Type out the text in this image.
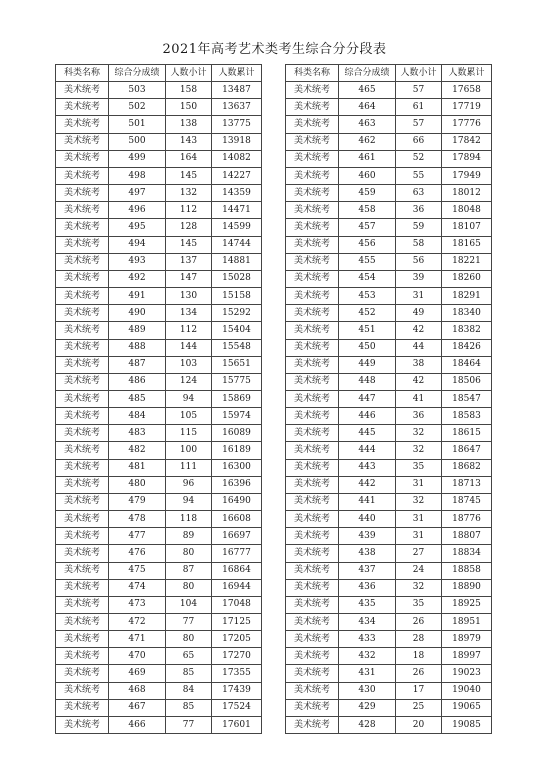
2021年高考艺术类考生综合分分段表
科类名称	综合分成绩	人数小计	人数累计
美术统考	503	158	13487
美术统考	502	150	13637
美术统考	501	138	13775
美术统考	500	143	13918
美术统考	499	164	14082
美术统考	498	145	14227
美术统考	497	132	14359
美术统考	496	112	14471
美术统考	495	128	14599
美术统考	494	145	14744
美术统考	493	137	14881
美术统考	492	147	15028
美术统考	491	130	15158
美术统考	490	134	15292
美术统考	489	112	15404
美术统考	488	144	15548
美术统考	487	103	15651
美术统考	486	124	15775
美术统考	485	94	15869
美术统考	484	105	15974
美术统考	483	115	16089
美术统考	482	100	16189
美术统考	481	111	16300
美术统考	480	96	16396
美术统考	479	94	16490
美术统考	478	118	16608
美术统考	477	89	16697
美术统考	476	80	16777
美术统考	475	87	16864
美术统考	474	80	16944
美术统考	473	104	17048
美术统考	472	77	17125
美术统考	471	80	17205
美术统考	470	65	17270
美术统考	469	85	17355
美术统考	468	84	17439
美术统考	467	85	17524
美术统考	466	77	17601
科类名称	综合分成绩	人数小计	人数累计
美术统考	465	57	17658
美术统考	464	61	17719
美术统考	463	57	17776
美术统考	462	66	17842
美术统考	461	52	17894
美术统考	460	55	17949
美术统考	459	63	18012
美术统考	458	36	18048
美术统考	457	59	18107
美术统考	456	58	18165
美术统考	455	56	18221
美术统考	454	39	18260
美术统考	453	31	18291
美术统考	452	49	18340
美术统考	451	42	18382
美术统考	450	44	18426
美术统考	449	38	18464
美术统考	448	42	18506
美术统考	447	41	18547
美术统考	446	36	18583
美术统考	445	32	18615
美术统考	444	32	18647
美术统考	443	35	18682
美术统考	442	31	18713
美术统考	441	32	18745
美术统考	440	31	18776
美术统考	439	31	18807
美术统考	438	27	18834
美术统考	437	24	18858
美术统考	436	32	18890
美术统考	435	35	18925
美术统考	434	26	18951
美术统考	433	28	18979
美术统考	432	18	18997
美术统考	431	26	19023
美术统考	430	17	19040
美术统考	429	25	19065
美术统考	428	20	19085
